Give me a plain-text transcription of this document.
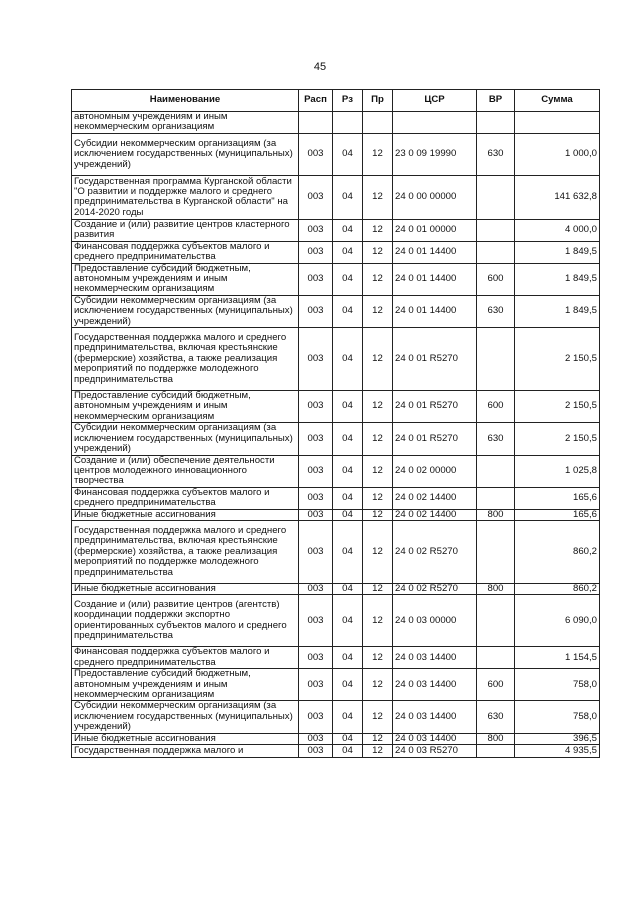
45
Наименование	Расп	Рз	Пр	ЦСР	ВР	Сумма
автономным учреждениям и иным некоммерческим организациям						
Субсидии некоммерческим организациям (за исключением государственных (муниципальных) учреждений)	003	04	12	23 0 09 19990	630	1 000,0
Государственная программа Курганской области "О развитии и поддержке малого и среднего предпринимательства в Курганской области" на 2014-2020 годы	003	04	12	24 0 00 00000		141 632,8
Создание и (или) развитие центров кластерного развития	003	04	12	24 0 01 00000		4 000,0
Финансовая поддержка субъектов малого и среднего предпринимательства	003	04	12	24 0 01 14400		1 849,5
Предоставление субсидий бюджетным, автономным учреждениям и иным некоммерческим организациям	003	04	12	24 0 01 14400	600	1 849,5
Субсидии некоммерческим организациям (за исключением государственных (муниципальных) учреждений)	003	04	12	24 0 01 14400	630	1 849,5
Государственная поддержка малого и среднего предпринимательства, включая крестьянские (фермерские) хозяйства, а также реализация мероприятий по поддержке молодежного предпринимательства	003	04	12	24 0 01 R5270		2 150,5
Предоставление субсидий бюджетным, автономным учреждениям и иным некоммерческим организациям	003	04	12	24 0 01 R5270	600	2 150,5
Субсидии некоммерческим организациям (за исключением государственных (муниципальных) учреждений)	003	04	12	24 0 01 R5270	630	2 150,5
Создание и (или) обеспечение деятельности центров молодежного инновационного творчества	003	04	12	24 0 02 00000		1 025,8
Финансовая поддержка субъектов малого и среднего предпринимательства	003	04	12	24 0 02 14400		165,6
Иные бюджетные ассигнования	003	04	12	24 0 02 14400	800	165,6
Государственная поддержка малого и среднего предпринимательства, включая крестьянские (фермерские) хозяйства, а также реализация мероприятий по поддержке молодежного предпринимательства	003	04	12	24 0 02 R5270		860,2
Иные бюджетные ассигнования	003	04	12	24 0 02 R5270	800	860,2
Создание и (или) развитие центров (агентств) координации поддержки экспортно ориентированных субъектов малого и среднего предпринимательства	003	04	12	24 0 03 00000		6 090,0
Финансовая поддержка субъектов малого и среднего предпринимательства	003	04	12	24 0 03 14400		1 154,5
Предоставление субсидий бюджетным, автономным учреждениям и иным некоммерческим организациям	003	04	12	24 0 03 14400	600	758,0
Субсидии некоммерческим организациям (за исключением государственных (муниципальных) учреждений)	003	04	12	24 0 03 14400	630	758,0
Иные бюджетные ассигнования	003	04	12	24 0 03 14400	800	396,5
Государственная поддержка малого и	003	04	12	24 0 03 R5270		4 935,5
